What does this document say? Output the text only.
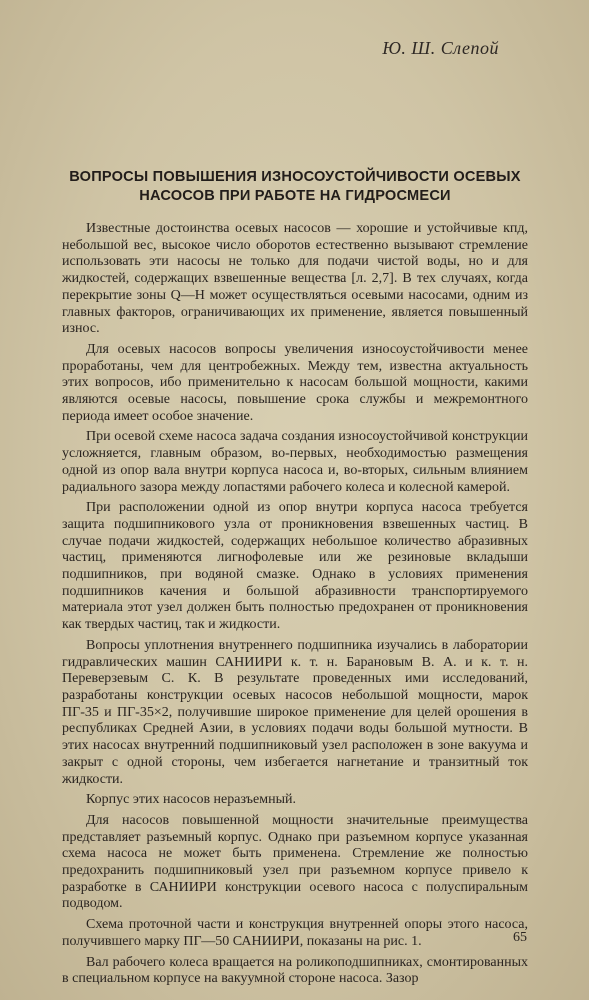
Ю. Ш. Слепой
ВОПРОСЫ ПОВЫШЕНИЯ ИЗНОСОУСТОЙЧИВОСТИ ОСЕВЫХ
НАСОСОВ ПРИ РАБОТЕ НА ГИДРОСМЕСИ

Известные достоинства осевых насосов — хорошие и устойчивые кпд, небольшой вес, высокое число оборотов естественно вызывают стремление использовать эти насосы не только для подачи чистой воды, но и для жидкостей, содержащих взвешенные вещества [л. 2,7]. В тех случаях, когда перекрытие зоны Q—H может осуществляться осевыми насосами, одним из главных факторов, ограничивающих их применение, является повышенный износ.

Для осевых насосов вопросы увеличения износоустойчивости менее проработаны, чем для центробежных. Между тем, известна актуальность этих вопросов, ибо применительно к насосам большой мощности, какими являются осевые насосы, повышение срока службы и межремонтного периода имеет особое значение.

При осевой схеме насоса задача создания износоустойчивой конструкции усложняется, главным образом, во-первых, необходимостью размещения одной из опор вала внутри корпуса насоса и, во-вторых, сильным влиянием радиального зазора между лопастями рабочего колеса и колесной камерой.

При расположении одной из опор внутри корпуса насоса требуется защита подшипникового узла от проникновения взвешенных частиц. В случае подачи жидкостей, содержащих небольшое количество абразивных частиц, применяются лигнофолевые или же резиновые вкладыши подшипников, при водяной смазке. Однако в условиях применения подшипников качения и большой абразивности транспортируемого материала этот узел должен быть полностью предохранен от проникновения как твердых частиц, так и жидкости.

Вопросы уплотнения внутреннего подшипника изучались в лаборатории гидравлических машин САНИИРИ к. т. н. Барановым В. А. и к. т. н. Переверзевым С. К. В результате проведенных ими исследований, разработаны конструкции осевых насосов небольшой мощности, марок ПГ-35 и ПГ-35×2, получившие широкое применение для целей орошения в республиках Средней Азии, в условиях подачи воды большой мутности. В этих насосах внутренний подшипниковый узел расположен в зоне вакуума и закрыт с одной стороны, чем избегается нагнетание и транзитный ток жидкости.

Корпус этих насосов неразъемный.

Для насосов повышенной мощности значительные преимущества представляет разъемный корпус. Однако при разъемном корпусе указанная схема насоса не может быть применена. Стремление же полностью предохранить подшипниковый узел при разъемном корпусе привело к разработке в САНИИРИ конструкции осевого насоса с полуспиральным подводом.

Схема проточной части и конструкция внутренней опоры этого насоса, получившего марку ПГ—50 САНИИРИ, показаны на рис. 1.

Вал рабочего колеса вращается на роликоподшипниках, смонтированных в специальном корпусе на вакуумной стороне насоса. Зазор

65
